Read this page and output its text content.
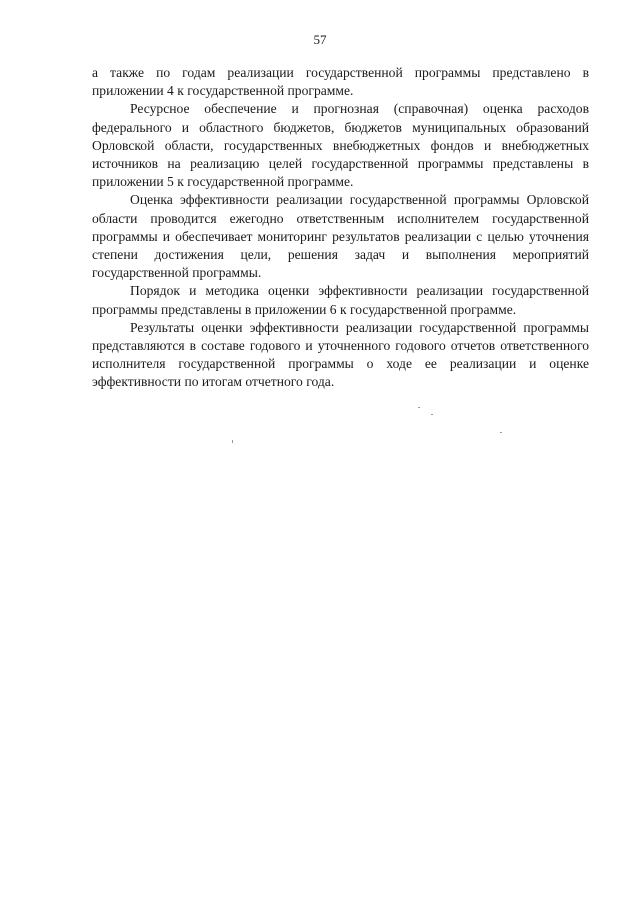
57

а также по годам реализации государственной программы представлено в приложении 4 к государственной программе.

Ресурсное обеспечение и прогнозная (справочная) оценка расходов федерального и областного бюджетов, бюджетов муниципальных образований Орловской области, государственных внебюджетных фондов и внебюджетных источников на реализацию целей государственной программы представлены в приложении 5 к государственной программе.

Оценка эффективности реализации государственной программы Орловской области проводится ежегодно ответственным исполнителем государственной программы и обеспечивает мониторинг результатов реализации с целью уточнения степени достижения цели, решения задач и выполнения мероприятий государственной программы.

Порядок и методика оценки эффективности реализации государственной программы представлены в приложении 6 к государственной программе.

Результаты оценки эффективности реализации государственной программы представляются в составе годового и уточненного годового отчетов ответственного исполнителя государственной программы о ходе ее реализации и оценке эффективности по итогам отчетного года.
